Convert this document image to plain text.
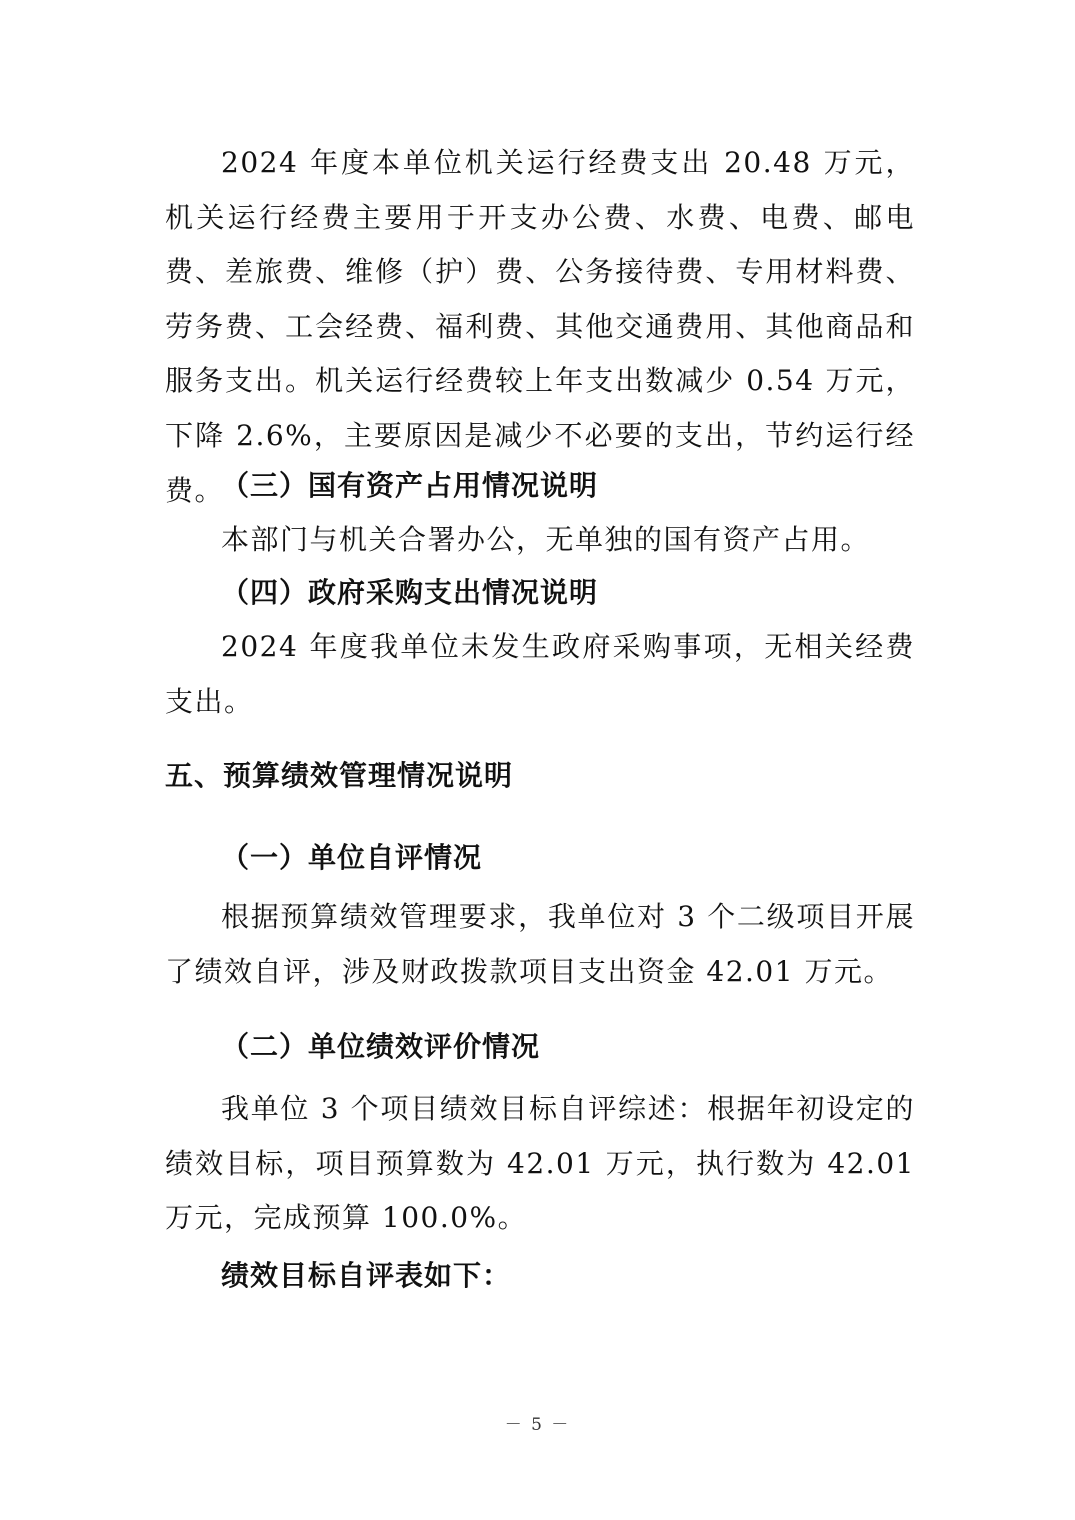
2024 年度本单位机关运行经费支出 20.48 万元，机关运行经费主要用于开支办公费、水费、电费、邮电费、差旅费、维修（护）费、公务接待费、专用材料费、劳务费、工会经费、福利费、其他交通费用、其他商品和服务支出。机关运行经费较上年支出数减少 0.54 万元，下降 2.6%，主要原因是减少不必要的支出，节约运行经费。

（三）国有资产占用情况说明

本部门与机关合署办公，无单独的国有资产占用。

（四）政府采购支出情况说明

2024 年度我单位未发生政府采购事项，无相关经费支出。

五、预算绩效管理情况说明

（一）单位自评情况

根据预算绩效管理要求，我单位对 3 个二级项目开展了绩效自评，涉及财政拨款项目支出资金 42.01 万元。

（二）单位绩效评价情况

我单位 3 个项目绩效目标自评综述：根据年初设定的绩效目标，项目预算数为 42.01 万元，执行数为 42.01 万元，完成预算 100.0%。

绩效目标自评表如下：

－ 5 －
